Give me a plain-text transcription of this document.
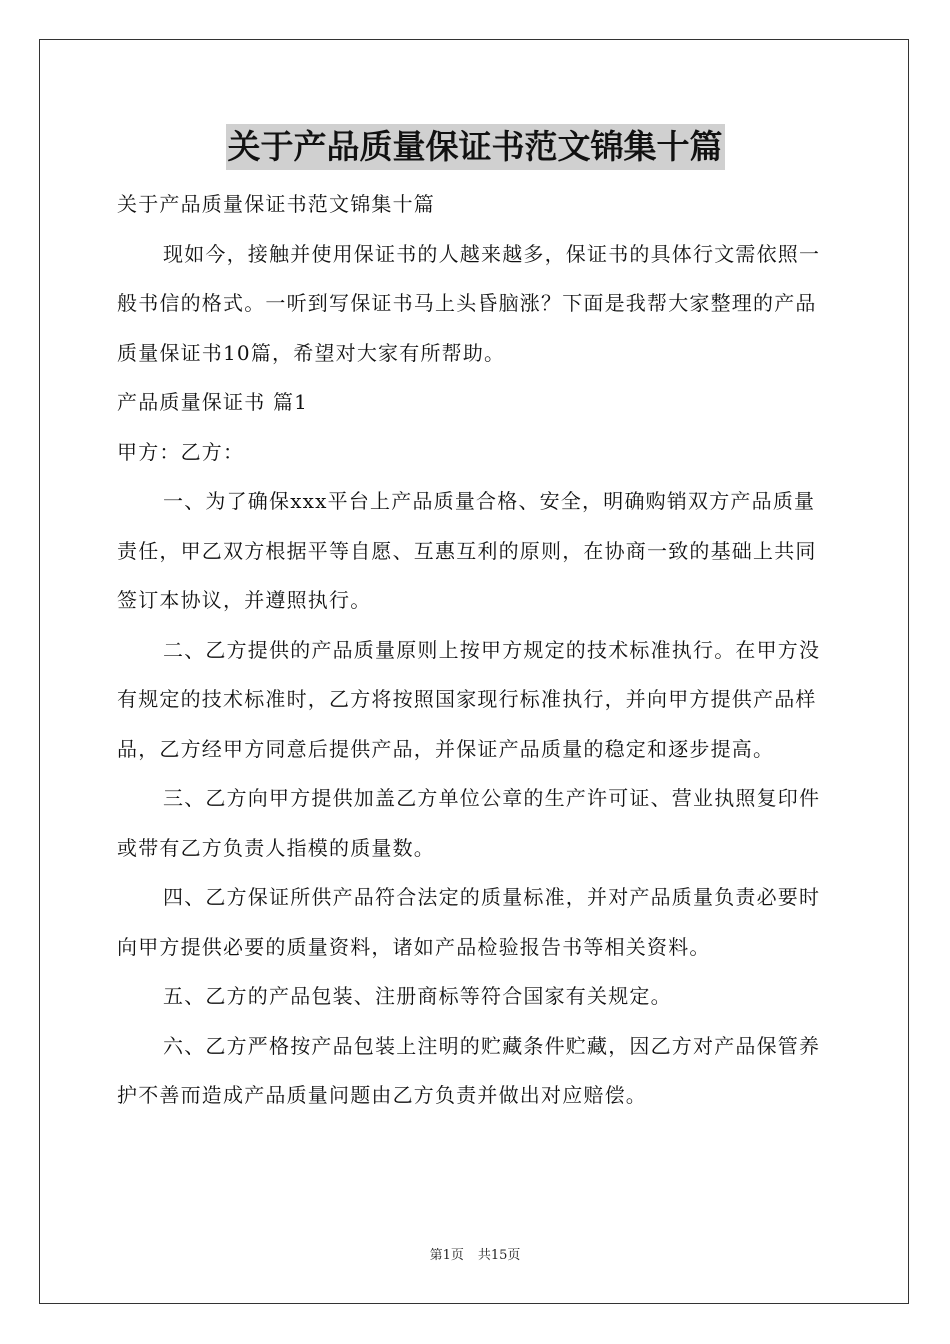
关于产品质量保证书范文锦集十篇

关于产品质量保证书范文锦集十篇

现如今，接触并使用保证书的人越来越多，保证书的具体行文需依照一般书信的格式。一听到写保证书马上头昏脑涨？下面是我帮大家整理的产品质量保证书10篇，希望对大家有所帮助。

产品质量保证书 篇1

甲方：乙方：

一、为了确保xxx平台上产品质量合格、安全，明确购销双方产品质量责任，甲乙双方根据平等自愿、互惠互利的原则，在协商一致的基础上共同签订本协议，并遵照执行。

二、乙方提供的产品质量原则上按甲方规定的技术标准执行。在甲方没有规定的技术标准时，乙方将按照国家现行标准执行，并向甲方提供产品样品，乙方经甲方同意后提供产品，并保证产品质量的稳定和逐步提高。

三、乙方向甲方提供加盖乙方单位公章的生产许可证、营业执照复印件或带有乙方负责人指模的质量数。

四、乙方保证所供产品符合法定的质量标准，并对产品质量负责必要时向甲方提供必要的质量资料，诸如产品检验报告书等相关资料。

五、乙方的产品包装、注册商标等符合国家有关规定。

六、乙方严格按产品包装上注明的贮藏条件贮藏，因乙方对产品保管养护不善而造成产品质量问题由乙方负责并做出对应赔偿。

第1页 共15页
